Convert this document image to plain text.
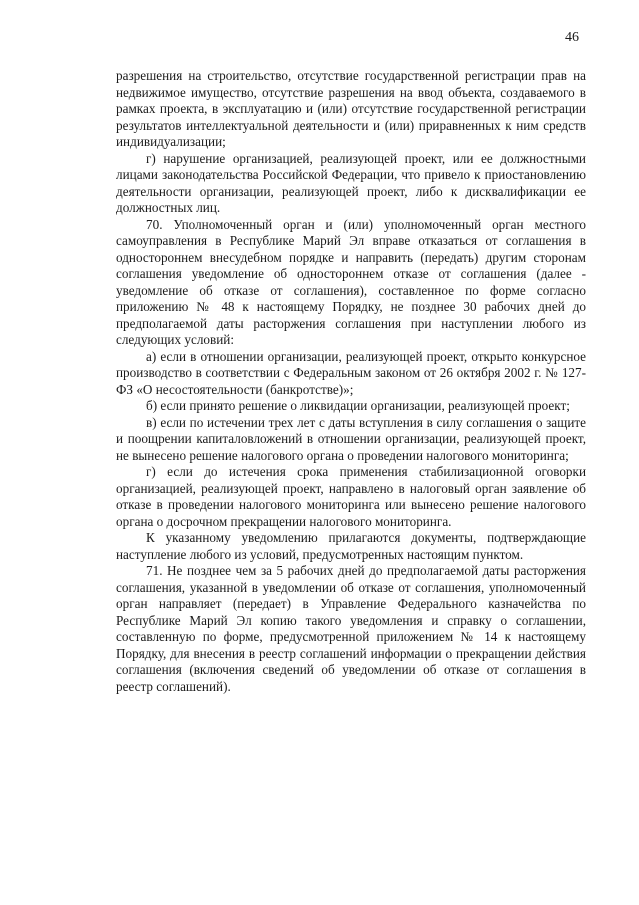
46

разрешения на строительство, отсутствие государственной регистрации прав на недвижимое имущество, отсутствие разрешения на ввод объекта, создаваемого в рамках проекта, в эксплуатацию и (или) отсутствие государственной регистрации результатов интеллектуальной деятельности и (или) приравненных к ним средств индивидуализации;

г) нарушение организацией, реализующей проект, или ее должностными лицами законодательства Российской Федерации, что привело к приостановлению деятельности организации, реализующей проект, либо к дисквалификации ее должностных лиц.

70. Уполномоченный орган и (или) уполномоченный орган местного самоуправления в Республике Марий Эл вправе отказаться от соглашения в одностороннем внесудебном порядке и направить (передать) другим сторонам соглашения уведомление об одностороннем отказе от соглашения (далее - уведомление об отказе от соглашения), составленное по форме согласно приложению № 48 к настоящему Порядку, не позднее 30 рабочих дней до предполагаемой даты расторжения соглашения при наступлении любого из следующих условий:

а) если в отношении организации, реализующей проект, открыто конкурсное производство в соответствии с Федеральным законом от 26 октября 2002 г. № 127-ФЗ «О несостоятельности (банкротстве)»;

б) если принято решение о ликвидации организации, реализующей проект;

в) если по истечении трех лет с даты вступления в силу соглашения о защите и поощрении капиталовложений в отношении организации, реализующей проект, не вынесено решение налогового органа о проведении налогового мониторинга;

г) если до истечения срока применения стабилизационной оговорки организацией, реализующей проект, направлено в налоговый орган заявление об отказе в проведении налогового мониторинга или вынесено решение налогового органа о досрочном прекращении налогового мониторинга.

К указанному уведомлению прилагаются документы, подтверждающие наступление любого из условий, предусмотренных настоящим пунктом.

71. Не позднее чем за 5 рабочих дней до предполагаемой даты расторжения соглашения, указанной в уведомлении об отказе от соглашения, уполномоченный орган направляет (передает) в Управление Федерального казначейства по Республике Марий Эл копию такого уведомления и справку о соглашении, составленную по форме, предусмотренной приложением № 14 к настоящему Порядку, для внесения в реестр соглашений информации о прекращении действия соглашения (включения сведений об уведомлении об отказе от соглашения в реестр соглашений).
